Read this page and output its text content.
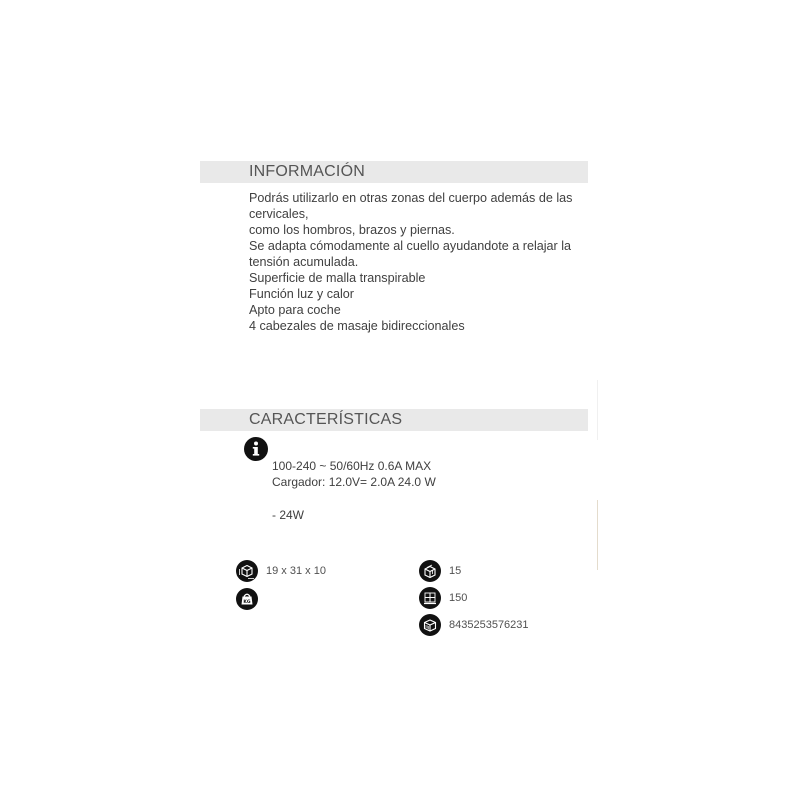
INFORMACIÓN
Podrás utilizarlo en otras zonas del cuerpo además de las
cervicales,
como los hombros, brazos y piernas.
Se adapta cómodamente al cuello ayudandote a relajar la
tensión acumulada.
Superficie de malla transpirable
Función luz y calor
Apto para coche
4 cabezales de masaje bidireccionales
CARACTERÍSTICAS
100-240 ~ 50/60Hz 0.6A MAX
Cargador: 12.0V= 2.0A 24.0 W
- 24W
19 x 31 x 10
KG
15
150
8435253576231
